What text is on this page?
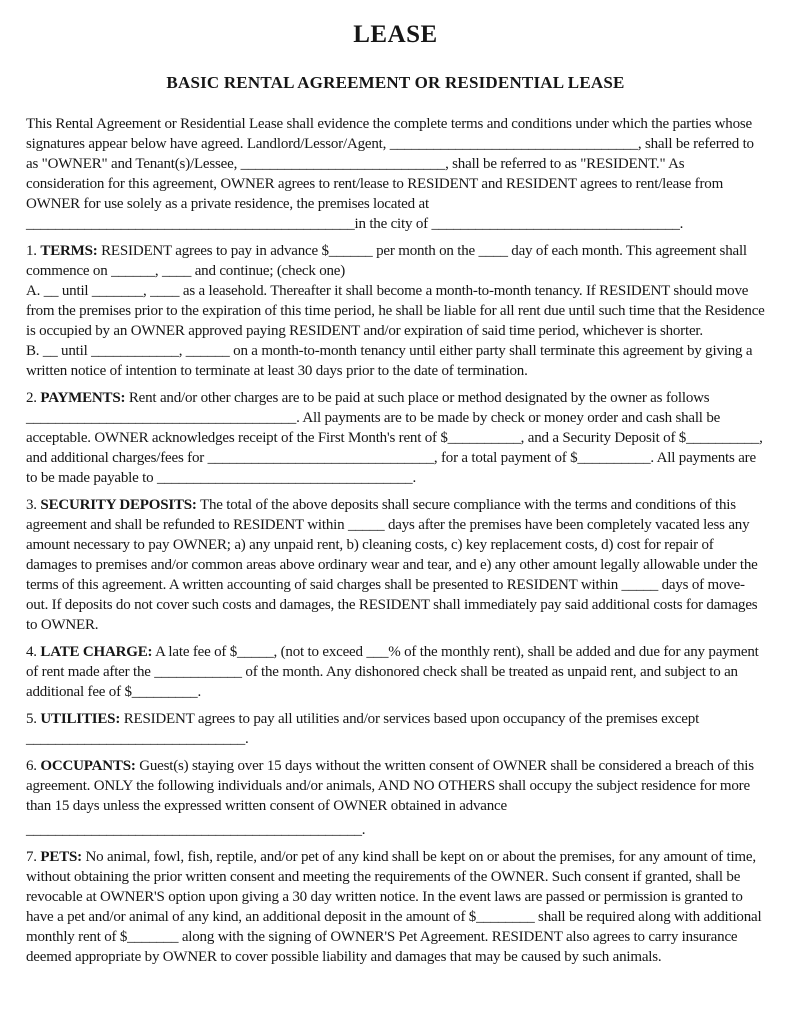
LEASE
BASIC RENTAL AGREEMENT OR RESIDENTIAL LEASE

This Rental Agreement or Residential Lease shall evidence the complete terms and conditions under which the parties whose signatures appear below have agreed. Landlord/Lessor/Agent, __________________________________, shall be referred to as "OWNER" and Tenant(s)/Lessee, ____________________________, shall be referred to as "RESIDENT." As consideration for this agreement, OWNER agrees to rent/lease to RESIDENT and RESIDENT agrees to rent/lease from OWNER for use solely as a private residence, the premises located at _____________________________________________in the city of __________________________________.

1. TERMS: RESIDENT agrees to pay in advance $______ per month on the ____ day of each month. This agreement shall commence on ______, ____ and continue; (check one)
A. __ until _______, ____ as a leasehold. Thereafter it shall become a month-to-month tenancy. If RESIDENT should move from the premises prior to the expiration of this time period, he shall be liable for all rent due until such time that the Residence is occupied by an OWNER approved paying RESIDENT and/or expiration of said time period, whichever is shorter.
B. __ until ____________, ______ on a month-to-month tenancy until either party shall terminate this agreement by giving a written notice of intention to terminate at least 30 days prior to the date of termination.
2. PAYMENTS: Rent and/or other charges are to be paid at such place or method designated by the owner as follows _____________________________________. All payments are to be made by check or money order and cash shall be acceptable. OWNER acknowledges receipt of the First Month's rent of $__________, and a Security Deposit of $__________, and additional charges/fees for _______________________________, for a total payment of $__________. All payments are to be made payable to ___________________________________.
3. SECURITY DEPOSITS: The total of the above deposits shall secure compliance with the terms and conditions of this agreement and shall be refunded to RESIDENT within _____ days after the premises have been completely vacated less any amount necessary to pay OWNER; a) any unpaid rent, b) cleaning costs, c) key replacement costs, d) cost for repair of damages to premises and/or common areas above ordinary wear and tear, and e) any other amount legally allowable under the terms of this agreement. A written accounting of said charges shall be presented to RESIDENT within _____ days of move-out. If deposits do not cover such costs and damages, the RESIDENT shall immediately pay said additional costs for damages to OWNER.
4. LATE CHARGE: A late fee of $_____, (not to exceed ___% of the monthly rent), shall be added and due for any payment of rent made after the ____________ of the month. Any dishonored check shall be treated as unpaid rent, and subject to an additional fee of $_________.
5. UTILITIES: RESIDENT agrees to pay all utilities and/or services based upon occupancy of the premises except
______________________________.
6. OCCUPANTS: Guest(s) staying over 15 days without the written consent of OWNER shall be considered a breach of this agreement. ONLY the following individuals and/or animals, AND NO OTHERS shall occupy the subject residence for more than 15 days unless the expressed written consent of OWNER obtained in advance
______________________________________________.
7. PETS: No animal, fowl, fish, reptile, and/or pet of any kind shall be kept on or about the premises, for any amount of time, without obtaining the prior written consent and meeting the requirements of the OWNER. Such consent if granted, shall be revocable at OWNER'S option upon giving a 30 day written notice. In the event laws are passed or permission is granted to have a pet and/or animal of any kind, an additional deposit in the amount of $________ shall be required along with additional monthly rent of $_______ along with the signing of OWNER'S Pet Agreement. RESIDENT also agrees to carry insurance deemed appropriate by OWNER to cover possible liability and damages that may be caused by such animals.
